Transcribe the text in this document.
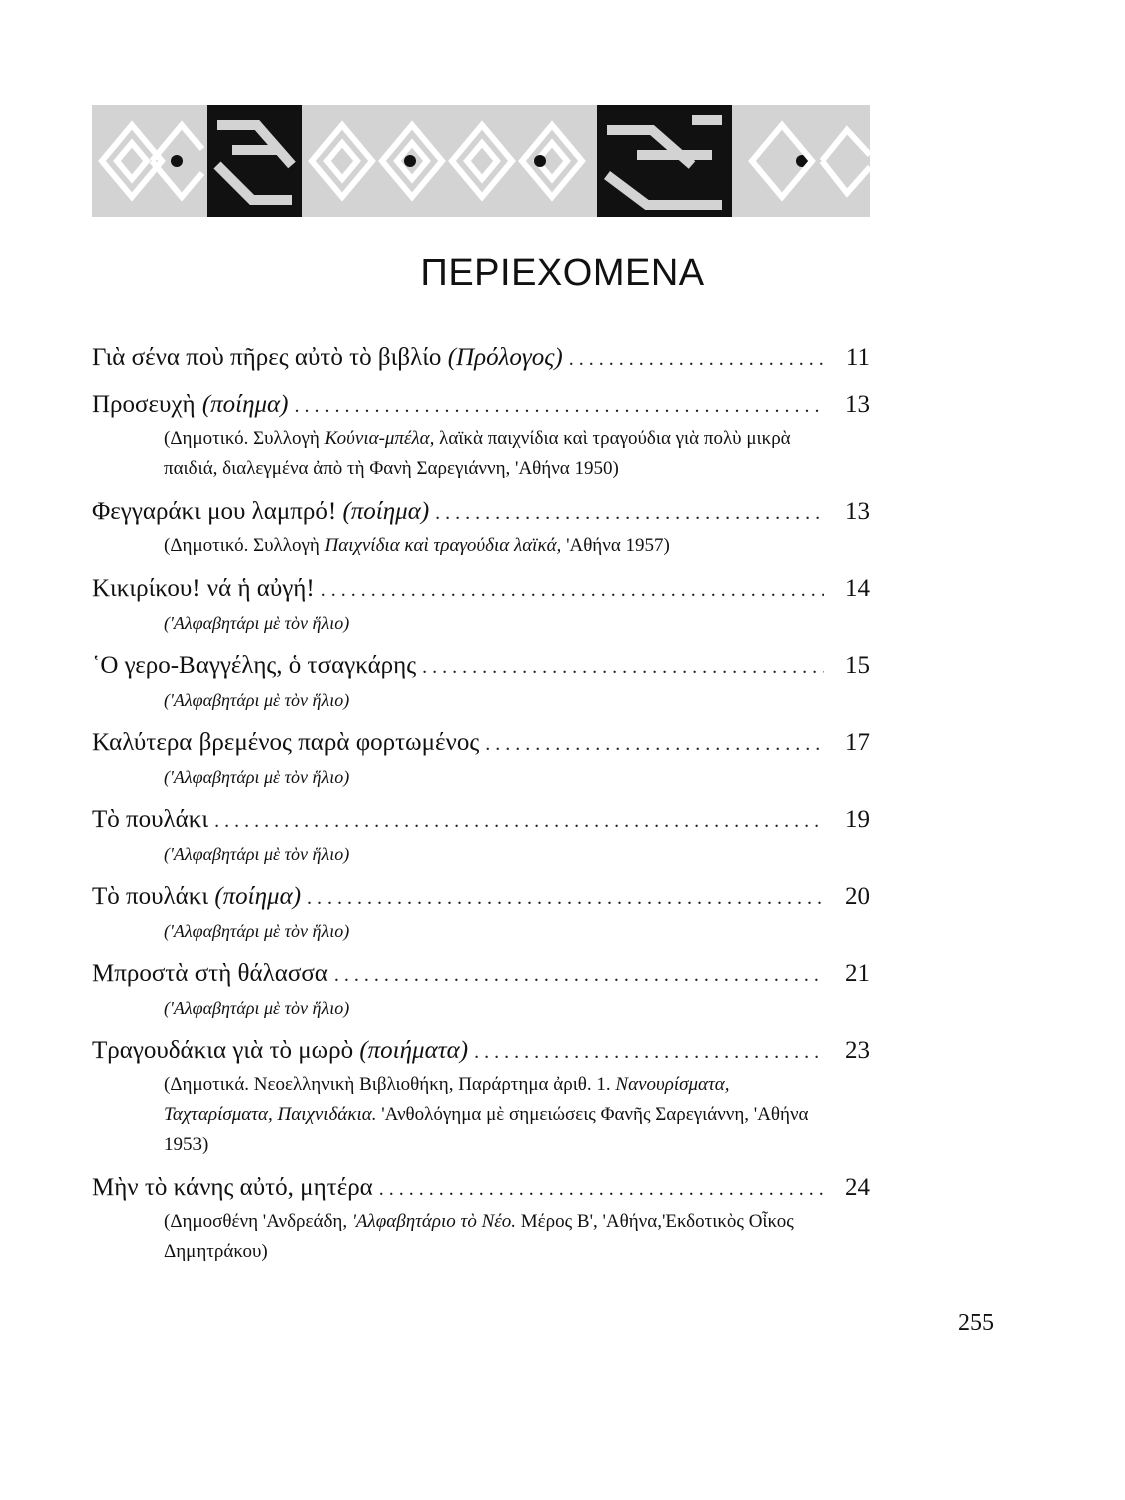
ΠΕΡΙΕΧΟΜΕΝΑ
Γιὰ σένα ποὺ πῆρες αὐτὸ τὸ βιβλίο (Πρόλογος) . . .	11
Προσευχὴ (ποίημα) . . .	13
(Δημοτικό. Συλλογὴ Κούνια-μπέλα, λαϊκὰ παιχνίδια καὶ τραγούδια γιὰ πολὺ μικρὰ παιδιά, διαλεγμένα ἀπὸ τὴ Φανὴ Σαρεγιάννη, 'Αθήνα 1950)
Φεγγαράκι μου λαμπρό! (ποίημα) . . .	13
(Δημοτικό. Συλλογὴ Παιχνίδια καὶ τραγούδια λαϊκά, 'Αθήνα 1957)
Κικιρίκου! νά ἡ αὐγή! . . .	14
('Αλφαβητάρι μὲ τὸν ἥλιο)
῾Ο γερο-Βαγγέλης, ὁ τσαγκάρης . . .	15
('Αλφαβητάρι μὲ τὸν ἥλιο)
Καλύτερα βρεμένος παρὰ φορτωμένος . . .	17
('Αλφαβητάρι μὲ τὸν ἥλιο)
Τὸ πουλάκι . . .	19
('Αλφαβητάρι μὲ τὸν ἥλιο)
Τὸ πουλάκι (ποίημα) . . .	20
('Αλφαβητάρι μὲ τὸν ἥλιο)
Μπροστὰ στὴ θάλασσα . . .	21
('Αλφαβητάρι μὲ τὸν ἥλιο)
Τραγουδάκια γιὰ τὸ μωρὸ (ποιήματα) . . .	23
(Δημοτικά. Νεοελληνικὴ Βιβλιοθήκη, Παράρτημα ἀριθ. 1. Νανουρίσματα, Ταχταρίσματα, Παιχνιδάκια. 'Ανθολόγημα μὲ σημειώσεις Φανῆς Σαρεγιάννη, 'Αθήνα 1953)
Μὴν τὸ κάνης αὐτό, μητέρα . . .	24
(Δημοσθένη 'Ανδρεάδη, 'Αλφαβητάριο τὸ Νέο. Μέρος Β', 'Αθήνα,'Εκδοτικὸς Οἶκος Δημητράκου)
255
